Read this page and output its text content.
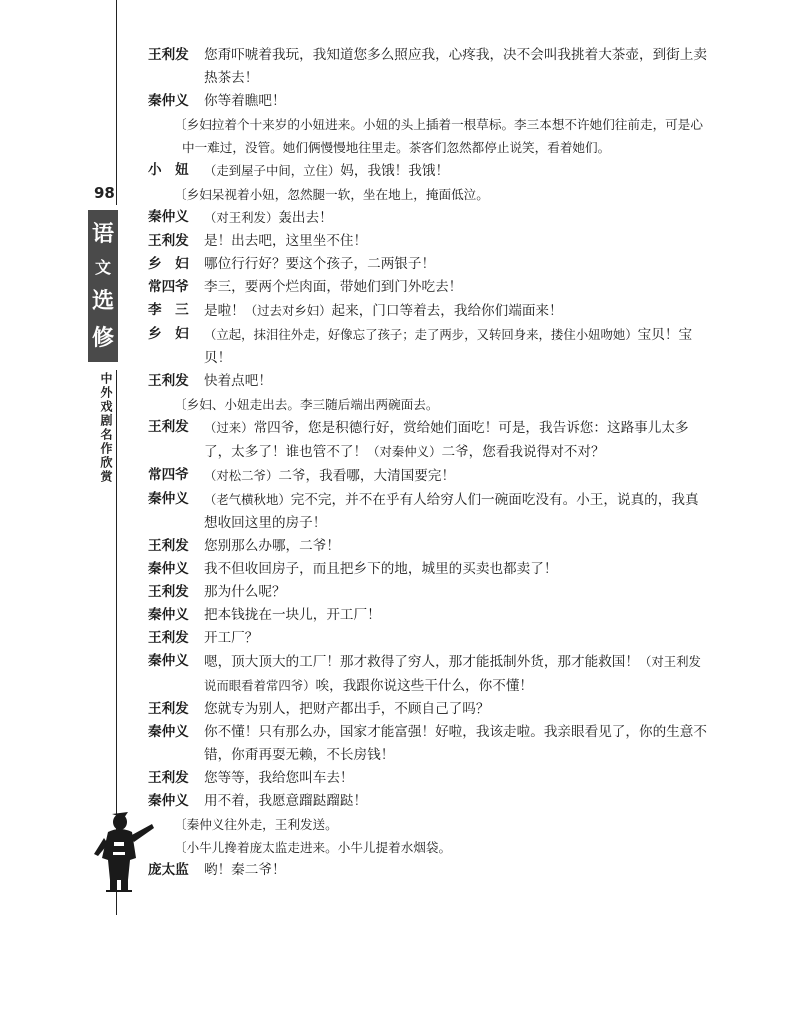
98
语
文
选
修
中外戏剧名作欣赏
王利发	您甭吓唬着我玩，我知道您多么照应我，心疼我，决不会叫我挑着大茶壶，到街上卖热茶去！
秦仲义	你等着瞧吧！

〔乡妇拉着个十来岁的小妞进来。小妞的头上插着一根草标。李三本想不许她们往前走，可是心中一难过，没管。她们俩慢慢地往里走。茶客们忽然都停止说笑，看着她们。

小　妞	（走到屋子中间，立住）妈，我饿！我饿！

〔乡妇呆视着小妞，忽然腿一软，坐在地上，掩面低泣。

秦仲义	（对王利发）轰出去！
王利发	是！出去吧，这里坐不住！
乡　妇	哪位行行好？要这个孩子，二两银子！
常四爷	李三，要两个烂肉面，带她们到门外吃去！
李　三	是啦！（过去对乡妇）起来，门口等着去，我给你们端面来！
乡　妇	（立起，抹泪往外走，好像忘了孩子；走了两步，又转回身来，搂住小妞吻她）宝贝！宝贝！
王利发	快着点吧！

〔乡妇、小妞走出去。李三随后端出两碗面去。

王利发	（过来）常四爷，您是积德行好，赏给她们面吃！可是，我告诉您：这路事儿太多了，太多了！谁也管不了！（对秦仲义）二爷，您看我说得对不对？
常四爷	（对松二爷）二爷，我看哪，大清国要完！
秦仲义	（老气横秋地）完不完，并不在乎有人给穷人们一碗面吃没有。小王，说真的，我真想收回这里的房子！
王利发	您别那么办哪，二爷！
秦仲义	我不但收回房子，而且把乡下的地，城里的买卖也都卖了！
王利发	那为什么呢？
秦仲义	把本钱拢在一块儿，开工厂！
王利发	开工厂？
秦仲义	嗯，顶大顶大的工厂！那才救得了穷人，那才能抵制外货，那才能救国！（对王利发说而眼看着常四爷）唉，我跟你说这些干什么，你不懂！
王利发	您就专为别人，把财产都出手，不顾自己了吗？
秦仲义	你不懂！只有那么办，国家才能富强！好啦，我该走啦。我亲眼看见了，你的生意不错，你甭再耍无赖，不长房钱！
王利发	您等等，我给您叫车去！
秦仲义	用不着，我愿意蹓跶蹓跶！

〔秦仲义往外走，王利发送。

〔小牛儿搀着庞太监走进来。小牛儿提着水烟袋。

庞太监	哟！秦二爷！
